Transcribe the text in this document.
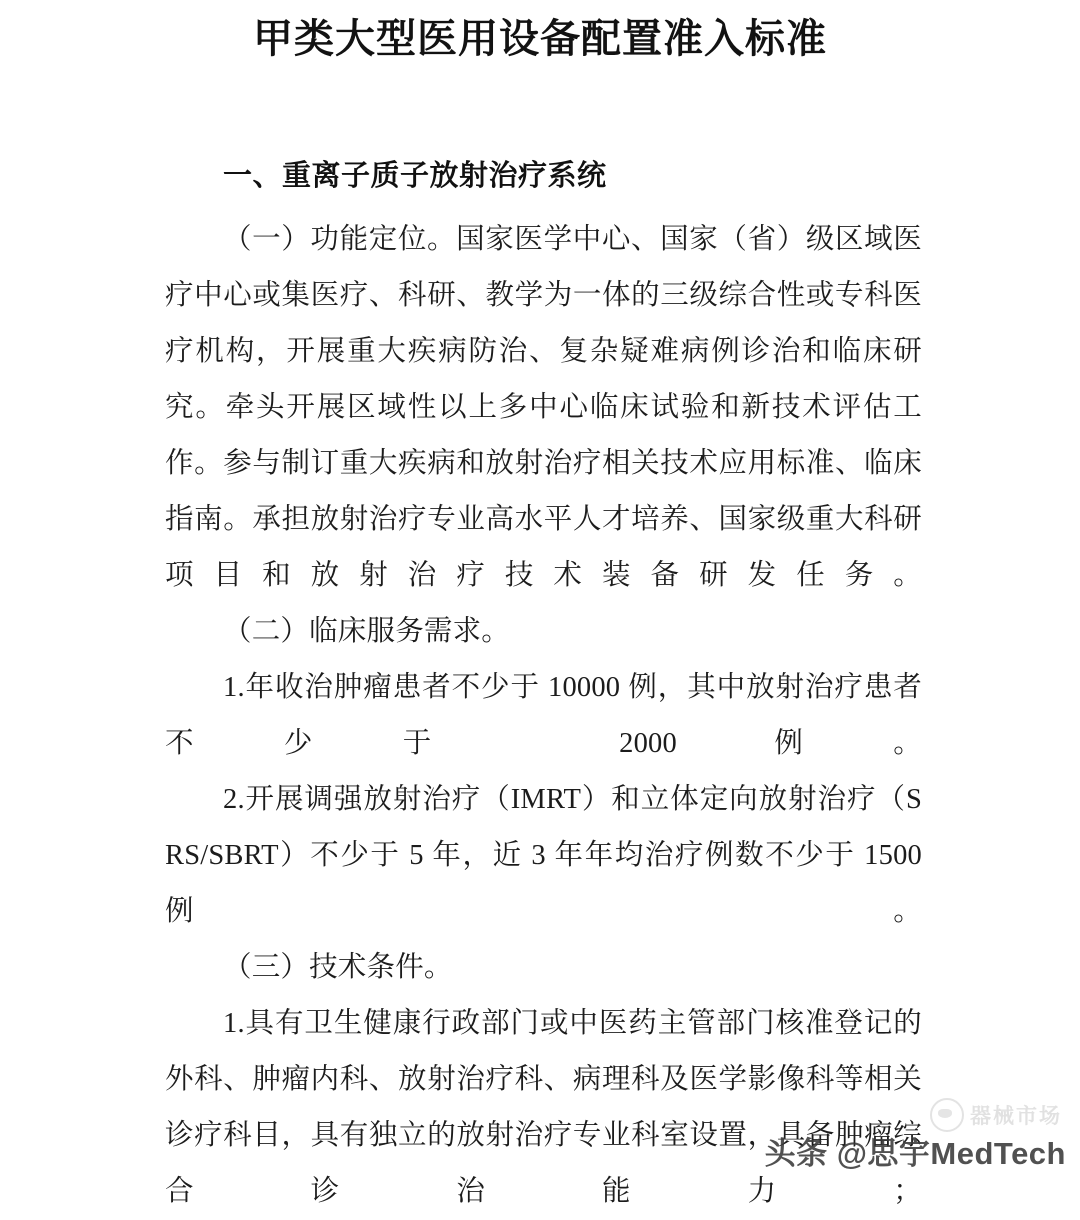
甲类大型医用设备配置准入标准
一、重离子质子放射治疗系统

（一）功能定位。国家医学中心、国家（省）级区域医疗中心或集医疗、科研、教学为一体的三级综合性或专科医疗机构，开展重大疾病防治、复杂疑难病例诊治和临床研究。牵头开展区域性以上多中心临床试验和新技术评估工作。参与制订重大疾病和放射治疗相关技术应用标准、临床指南。承担放射治疗专业高水平人才培养、国家级重大科研项目和放射治疗技术装备研发任务。

（二）临床服务需求。

1.年收治肿瘤患者不少于 10000 例，其中放射治疗患者不少于 2000 例。

2.开展调强放射治疗（IMRT）和立体定向放射治疗（SRS/SBRT）不少于 5 年，近 3 年年均治疗例数不少于 1500 例。

（三）技术条件。

1.具有卫生健康行政部门或中医药主管部门核准登记的外科、肿瘤内科、放射治疗科、病理科及医学影像科等相关诊疗科目，具有独立的放射治疗专业科室设置，具备肿瘤综合诊治能力；

器械市场
头条 @思宇MedTech
